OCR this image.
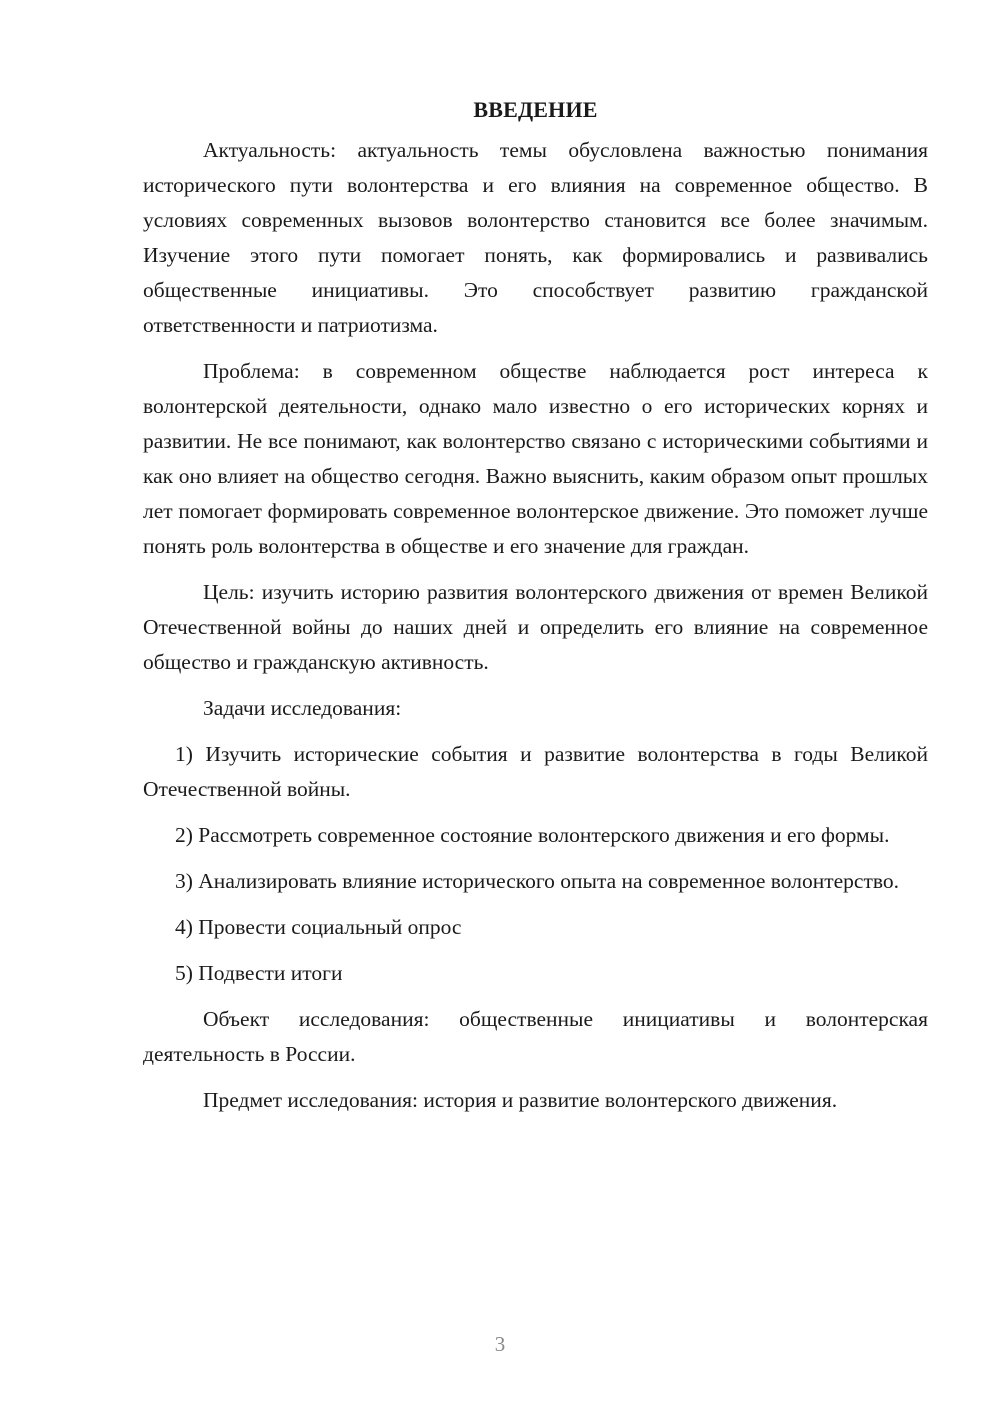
ВВЕДЕНИЕ

Актуальность: актуальность темы обусловлена важностью понимания исторического пути волонтерства и его влияния на современное общество. В условиях современных вызовов волонтерство становится все более значимым. Изучение этого пути помогает понять, как формировались и развивались общественные инициативы. Это способствует развитию гражданской ответственности и патриотизма.

Проблема: в современном обществе наблюдается рост интереса к волонтерской деятельности, однако мало известно о его исторических корнях и развитии. Не все понимают, как волонтерство связано с историческими событиями и как оно влияет на общество сегодня. Важно выяснить, каким образом опыт прошлых лет помогает формировать современное волонтерское движение. Это поможет лучше понять роль волонтерства в обществе и его значение для граждан.

Цель: изучить историю развития волонтерского движения от времен Великой Отечественной войны до наших дней и определить его влияние на современное общество и гражданскую активность.

Задачи исследования:

1) Изучить исторические события и развитие волонтерства в годы Великой Отечественной войны.

2) Рассмотреть современное состояние волонтерского движения и его формы.

3) Анализировать влияние исторического опыта на современное волонтерство.

4) Провести социальный опрос

5) Подвести итоги

Объект исследования: общественные инициативы и волонтерская деятельность в России.

Предмет исследования: история и развитие волонтерского движения.

3
